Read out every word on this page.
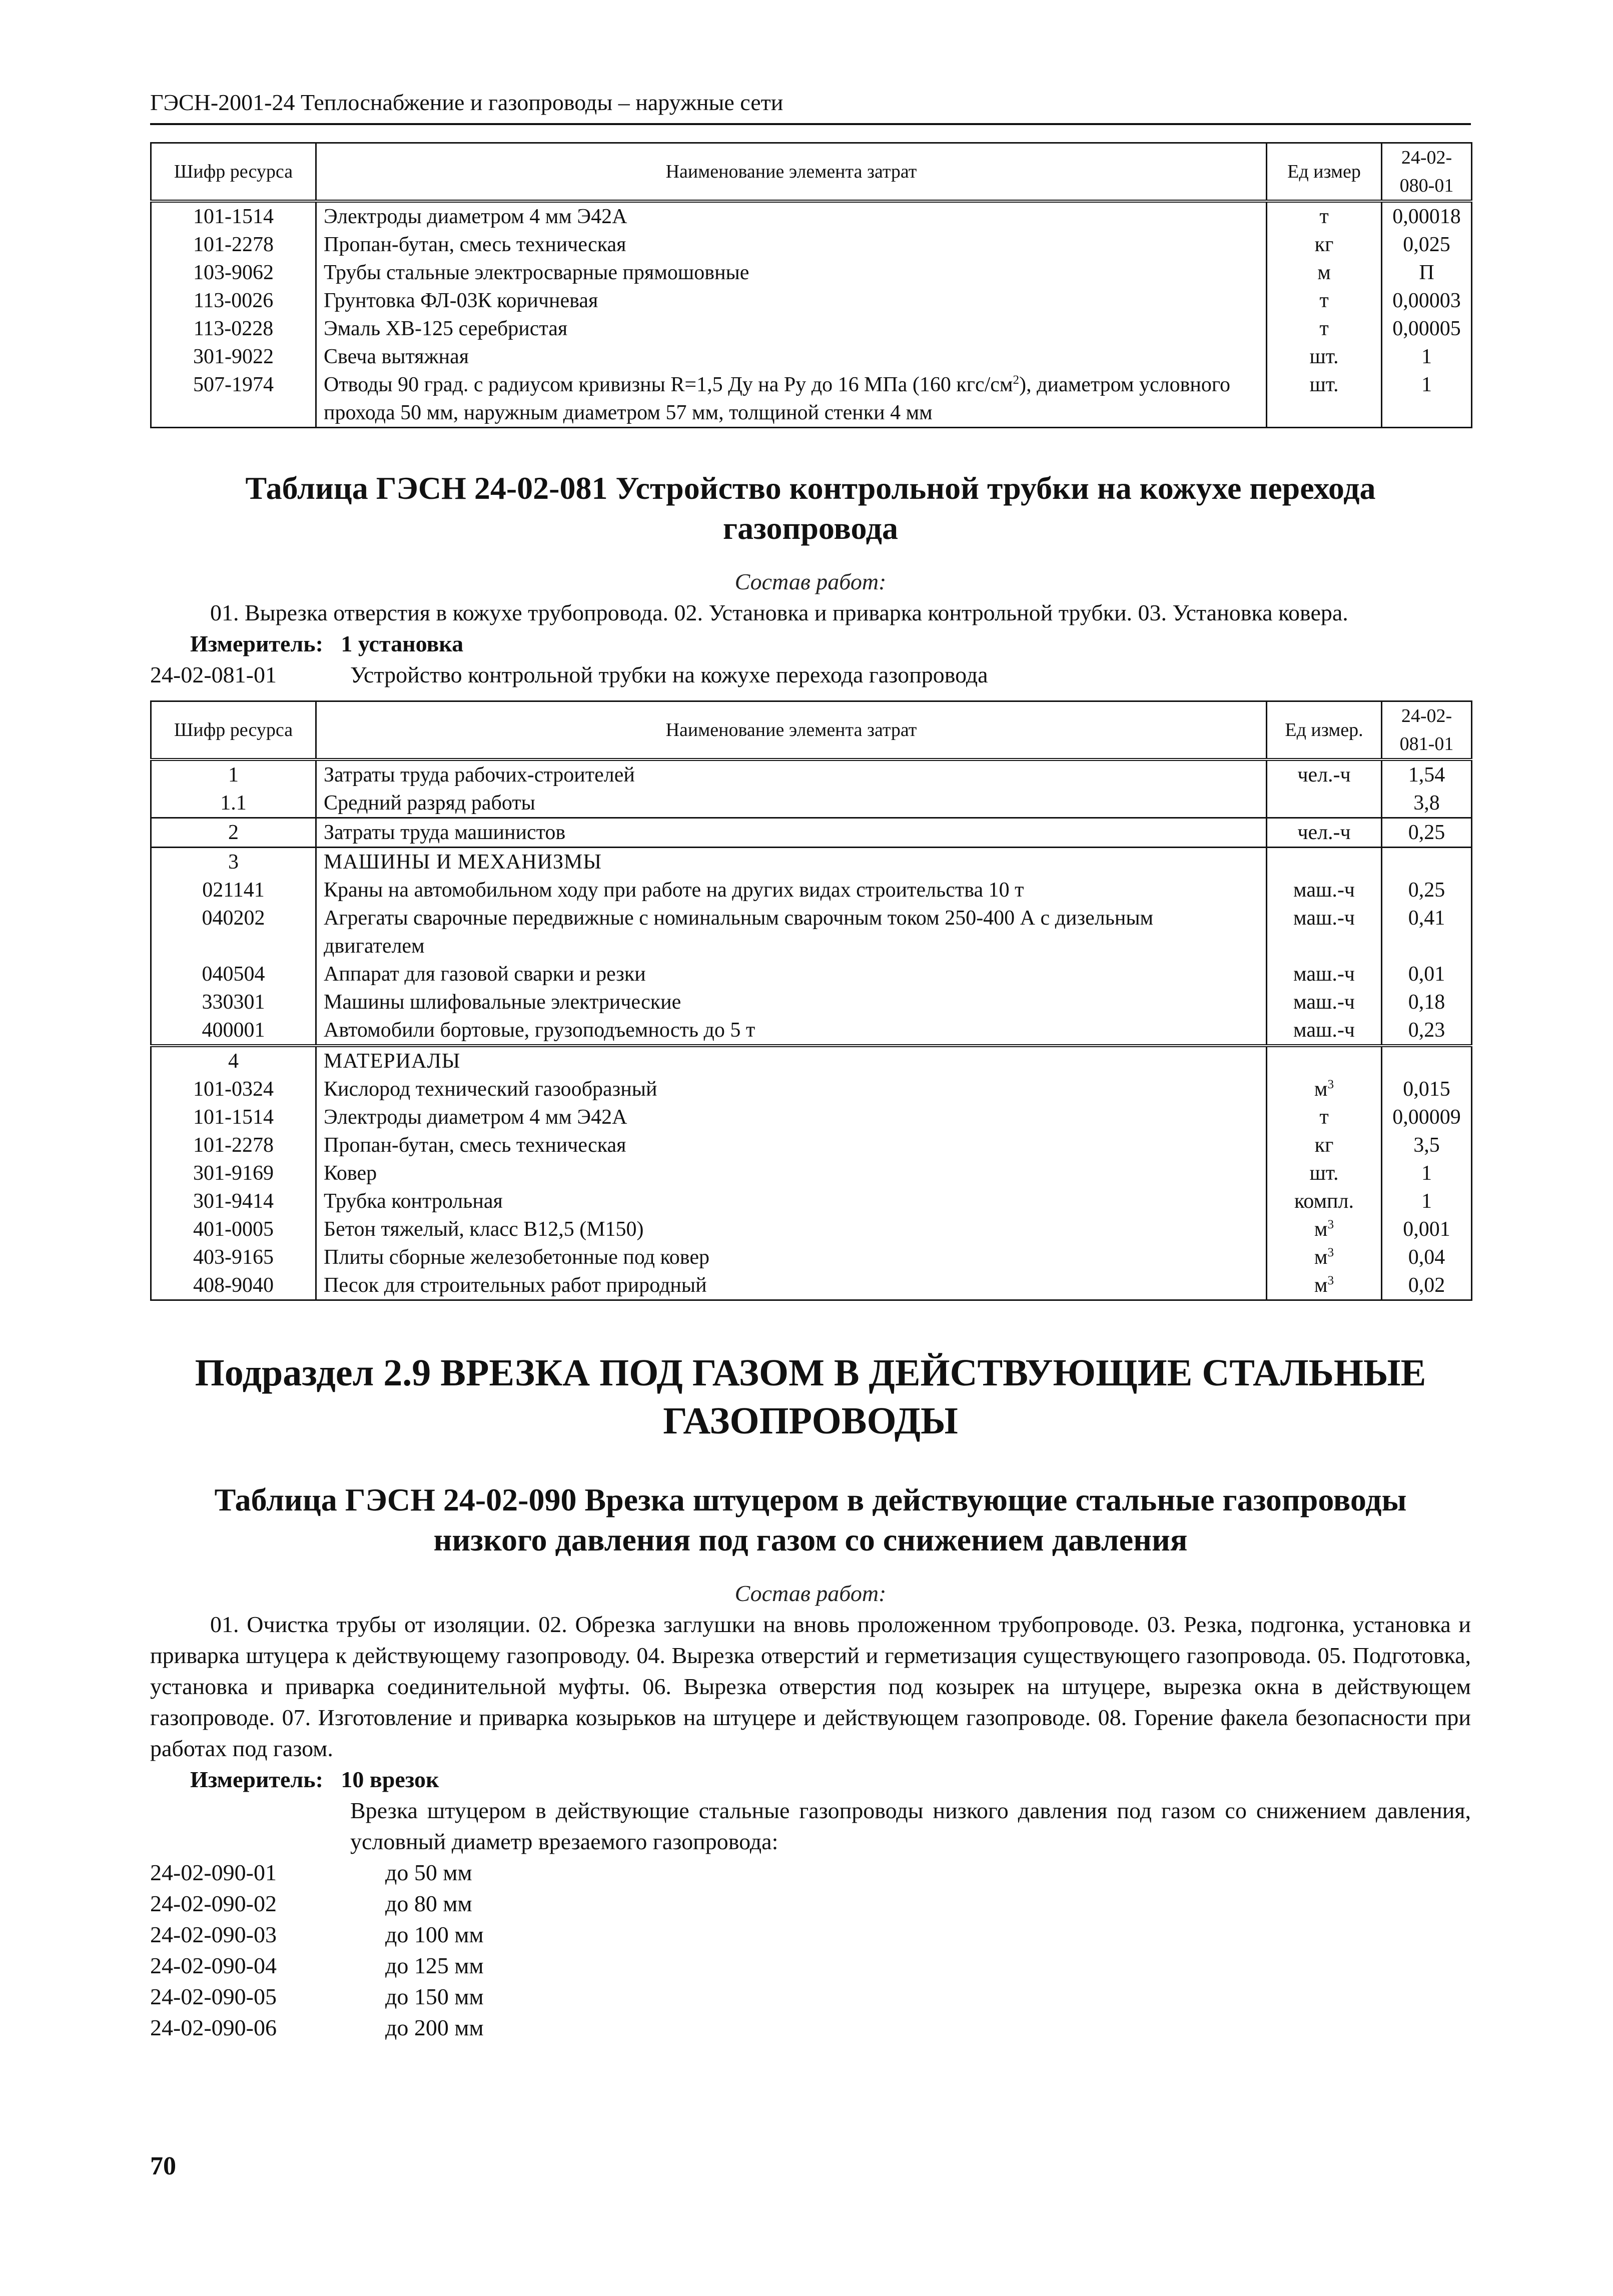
ГЭСН-2001-24 Теплоснабжение и газопроводы – наружные сети
Шифр ресурса	Наименование элемента затрат	Ед измер	24-02-080-01
101-1514	Электроды диаметром 4 мм Э42А	т	0,00018
101-2278	Пропан-бутан, смесь техническая	кг	0,025
103-9062	Трубы стальные электросварные прямошовные	м	П
113-0026	Грунтовка ФЛ-03К коричневая	т	0,00003
113-0228	Эмаль ХВ-125 серебристая	т	0,00005
301-9022	Свеча вытяжная	шт.	1
507-1974	Отводы 90 град. с радиусом кривизны R=1,5 Ду на Ру до 16 МПа (160 кгс/$см^2$), диаметром условного прохода 50 мм, наружным диаметром 57 мм, толщиной стенки 4 мм	шт.	1
Таблица ГЭСН 24-02-081 Устройство контрольной трубки на кожухе перехода газопровода
Состав работ:

01. Вырезка отверстия в кожухе трубопровода. 02. Установка и приварка контрольной трубки. 03. Установка ковера.

Измеритель: 1 установка
24-02-081-01	Устройство контрольной трубки на кожухе перехода газопровода
Шифр ресурса	Наименование элемента затрат	Ед измер.	24-02-081-01
1	Затраты труда рабочих-строителей	чел.-ч	1,54
1.1	Средний разряд работы		3,8
2	Затраты труда машинистов	чел.-ч	0,25
3	МАШИНЫ И МЕХАНИЗМЫ		
021141	Краны на автомобильном ходу при работе на других видах строительства 10 т	маш.-ч	0,25
040202	Агрегаты сварочные передвижные с номинальным сварочным током 250-400 А с дизельным двигателем	маш.-ч	0,41
040504	Аппарат для газовой сварки и резки	маш.-ч	0,01
330301	Машины шлифовальные электрические	маш.-ч	0,18
400001	Автомобили бортовые, грузоподъемность до 5 т	маш.-ч	0,23
4	МАТЕРИАЛЫ		
101-0324	Кислород технический газообразный	$м^3$	0,015
101-1514	Электроды диаметром 4 мм Э42А	т	0,00009
101-2278	Пропан-бутан, смесь техническая	кг	3,5
301-9169	Ковер	шт.	1
301-9414	Трубка контрольная	компл.	1
401-0005	Бетон тяжелый, класс В12,5 (М150)	$м^3$	0,001
403-9165	Плиты сборные железобетонные под ковер	$м^3$	0,04
408-9040	Песок для строительных работ природный	$м^3$	0,02
Подраздел 2.9 ВРЕЗКА ПОД ГАЗОМ В ДЕЙСТВУЮЩИЕ СТАЛЬНЫЕ ГАЗОПРОВОДЫ
Таблица ГЭСН 24-02-090 Врезка штуцером в действующие стальные газопроводы низкого давления под газом со снижением давления
Состав работ:

01. Очистка трубы от изоляции. 02. Обрезка заглушки на вновь проложенном трубопроводе. 03. Резка, подгонка, установка и приварка штуцера к действующему газопроводу. 04. Вырезка отверстий и герметизация существующего газопровода. 05. Подготовка, установка и приварка соединительной муфты. 06. Вырезка отверстия под козырек на штуцере, вырезка окна в действующем газопроводе. 07. Изготовление и приварка козырьков на штуцере и действующем газопроводе. 08. Горение факела безопасности при работах под газом.

Измеритель: 10 врезок
Врезка штуцером в действующие стальные газопроводы низкого давления под газом со снижением давления, условный диаметр врезаемого газопровода:
24-02-090-01	до 50 мм
24-02-090-02	до 80 мм
24-02-090-03	до 100 мм
24-02-090-04	до 125 мм
24-02-090-05	до 150 мм
24-02-090-06	до 200 мм
70
